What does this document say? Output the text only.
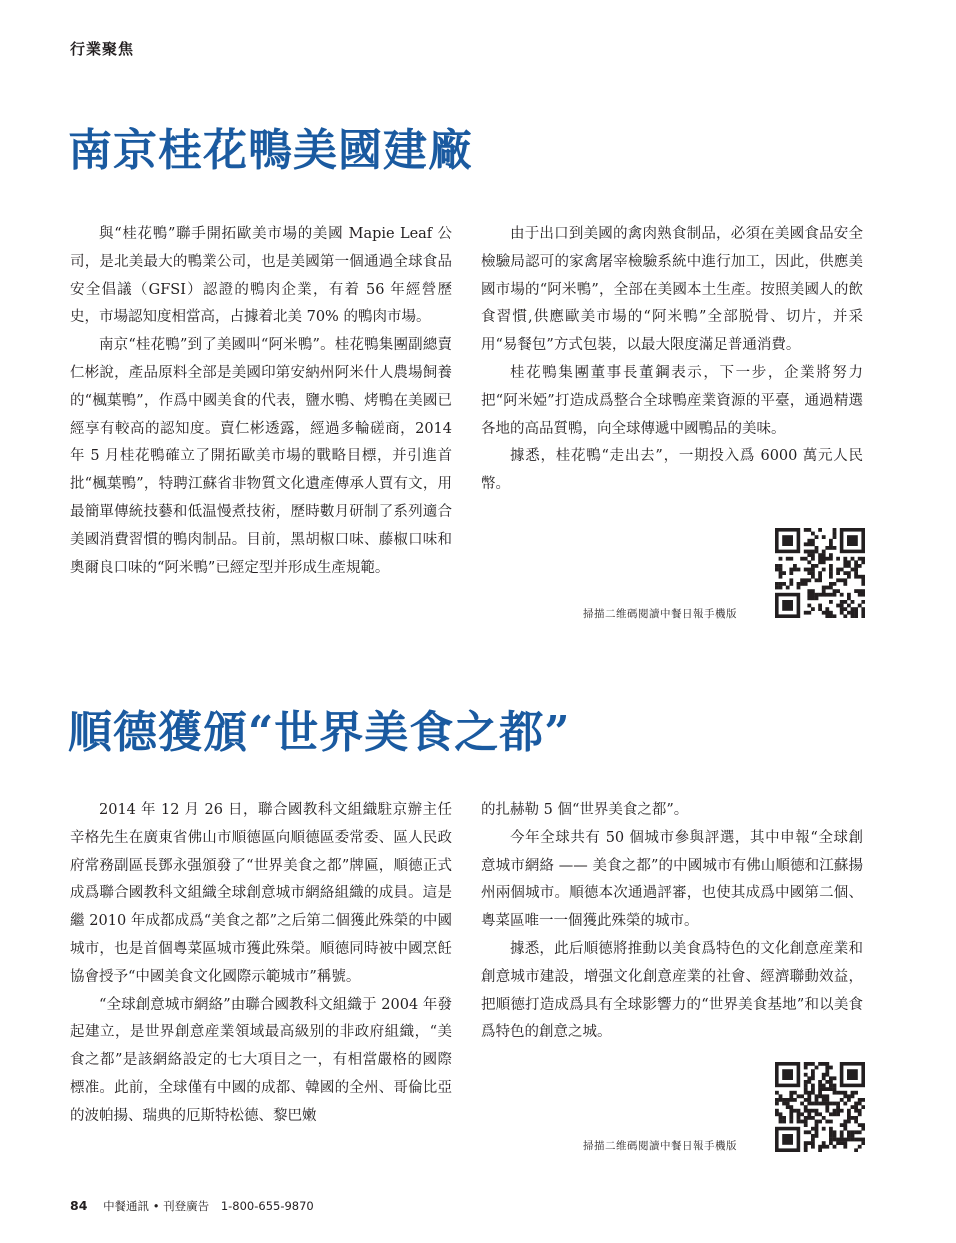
行業聚焦
南京桂花鴨美國建廠

與“桂花鴨”聯手開拓歐美市場的美國 Mapie Leaf 公司，是北美最大的鴨業公司，也是美國第一個通過全球食品安全倡議（GFSI）認證的鴨肉企業，有着 56 年經營歷史，市場認知度相當高，占據着北美 70% 的鴨肉市場。

南京“桂花鴨”到了美國叫“阿米鴨”。桂花鴨集團副總賣仁彬說，產品原料全部是美國印第安納州阿米什人農場飼養的“楓葉鴨”，作爲中國美食的代表，鹽水鴨、烤鴨在美國已經享有較高的認知度。賣仁彬透露，經過多輪磋商，2014 年 5 月桂花鴨確立了開拓歐美市場的戰略目標，并引進首批“楓葉鴨”，特聘江蘇省非物質文化遺產傳承人賈有文，用最簡單傳統技藝和低温慢煮技術，歷時數月研制了系列適合美國消費習慣的鴨肉制品。目前，黑胡椒口味、藤椒口味和奧爾良口味的“阿米鴨”已經定型并形成生產規範。

由于出口到美國的禽肉熟食制品，必須在美國食品安全檢驗局認可的家禽屠宰檢驗系統中進行加工，因此，供應美國市場的“阿米鴨”，全部在美國本土生產。按照美國人的飲食習慣,供應歐美市場的“阿米鴨”全部脱骨、切片，并采用“易餐包”方式包裝，以最大限度滿足普通消費。

桂花鴨集團董事長董鋼表示，下一步，企業將努力把“阿米婭”打造成爲整合全球鴨産業資源的平臺，通過精選各地的高品質鴨，向全球傳遞中國鴨品的美味。

據悉，桂花鴨“走出去”，一期投入爲 6000 萬元人民幣。

掃描二维碼閱讀中餐日報手機版
順德獲頒“世界美食之都”

2014 年 12 月 26 日，聯合國教科文組織駐京辦主任辛格先生在廣東省佛山市順德區向順德區委常委、區人民政府常務副區長鄧永强頒發了“世界美食之都”牌匾，順德正式成爲聯合國教科文組織全球創意城市網絡組織的成員。這是繼 2010 年成都成爲“美食之都”之后第二個獲此殊榮的中國城市，也是首個粵菜區城市獲此殊榮。順德同時被中國烹飪協會授予“中國美食文化國際示範城市”稱號。

“全球創意城市網絡”由聯合國教科文組織于 2004 年發起建立，是世界創意産業領域最高級别的非政府組織，“美食之都”是該網絡設定的七大項目之一，有相當嚴格的國際標准。此前，全球僅有中國的成都、韓國的全州、哥倫比亞的波帕揚、瑞典的厄斯特松德、黎巴嫩

的扎赫勒 5 個“世界美食之都”。

今年全球共有 50 個城市參與評選，其中申報“全球創意城市網絡 —— 美食之都”的中國城市有佛山順德和江蘇揚州兩個城市。順德本次通過評審，也使其成爲中國第二個、粵菜區唯一一個獲此殊榮的城市。

據悉，此后順德將推動以美食爲特色的文化創意産業和創意城市建設，增强文化創意産業的社會、經濟聯動效益，把順德打造成爲具有全球影響力的“世界美食基地”和以美食爲特色的創意之城。

掃描二维碼閱讀中餐日報手機版
84 中餐通訊 • 刊登廣告 1-800-655-9870
